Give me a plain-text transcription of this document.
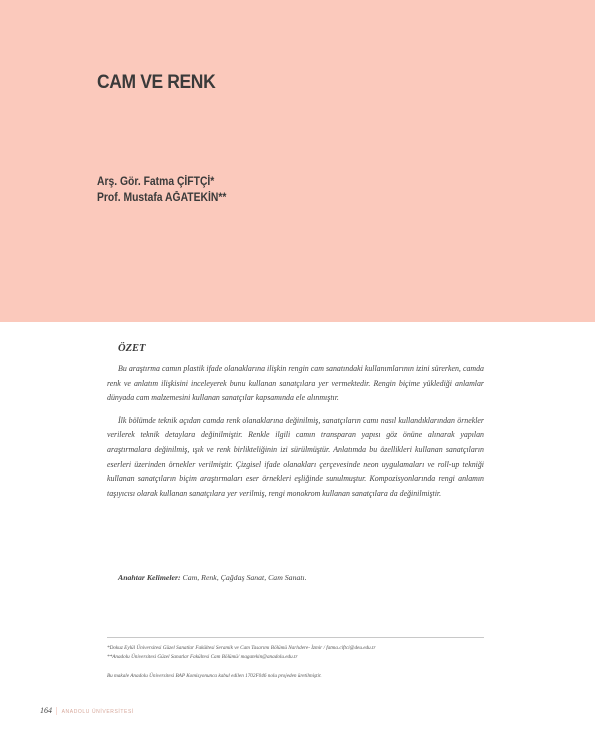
CAM VE RENK
Arş. Gör. Fatma ÇİFTÇİ*
Prof. Mustafa AĞATEKİN**
ÖZET

Bu araştırma camın plastik ifade olanaklarına ilişkin rengin cam sanatındaki kullanımlarının izini sürerken, camda renk ve anlatım ilişkisini inceleyerek bunu kullanan sanatçılara yer vermektedir. Rengin biçime yüklediği anlamlar dünyada cam malzemesini kullanan sanatçılar kapsamında ele alınmıştır.

İlk bölümde teknik açıdan camda renk olanaklarına değinilmiş, sanatçıların camı nasıl kullandıklarından örnekler verilerek teknik detaylara değinilmiştir. Renkle ilgili camın transparan yapısı göz önüne alınarak yapılan araştırmalara değinilmiş, ışık ve renk birlikteliğinin izi sürülmüştür. Anlatımda bu özellikleri kullanan sanatçıların eserleri üzerinden örnekler verilmiştir. Çizgisel ifade olanakları çerçevesinde neon uygulamaları ve roll-up tekniği kullanan sanatçıların biçim araştırmaları eser örnekleri eşliğinde sunulmuştur. Kompozisyonlarında rengi anlamın taşıyıcısı olarak kullanan sanatçılara yer verilmiş, rengi monokrom kullanan sanatçılara da değinilmiştir.

Anahtar Kelimeler: Cam, Renk, Çağdaş Sanat, Cam Sanatı.
*Dokuz Eylül Üniversitesi Güzel Sanatlar Fakültesi Seramik ve Cam Tasarımı Bölümü Narlıdere- İzmir / fatma.ciftci@deu.edu.tr
**Anadolu Üniversitesi Güzel Sanatlar Fakültesi Cam Bölümü/ magatekin@anadolu.edu.tr
Bu makale Anadolu Üniversitesi BAP Komisyonunca kabul edilen 1702F046 nolu projeden üretilmiştir.
164 | ANADOLU ÜNİVERSİTESİ
